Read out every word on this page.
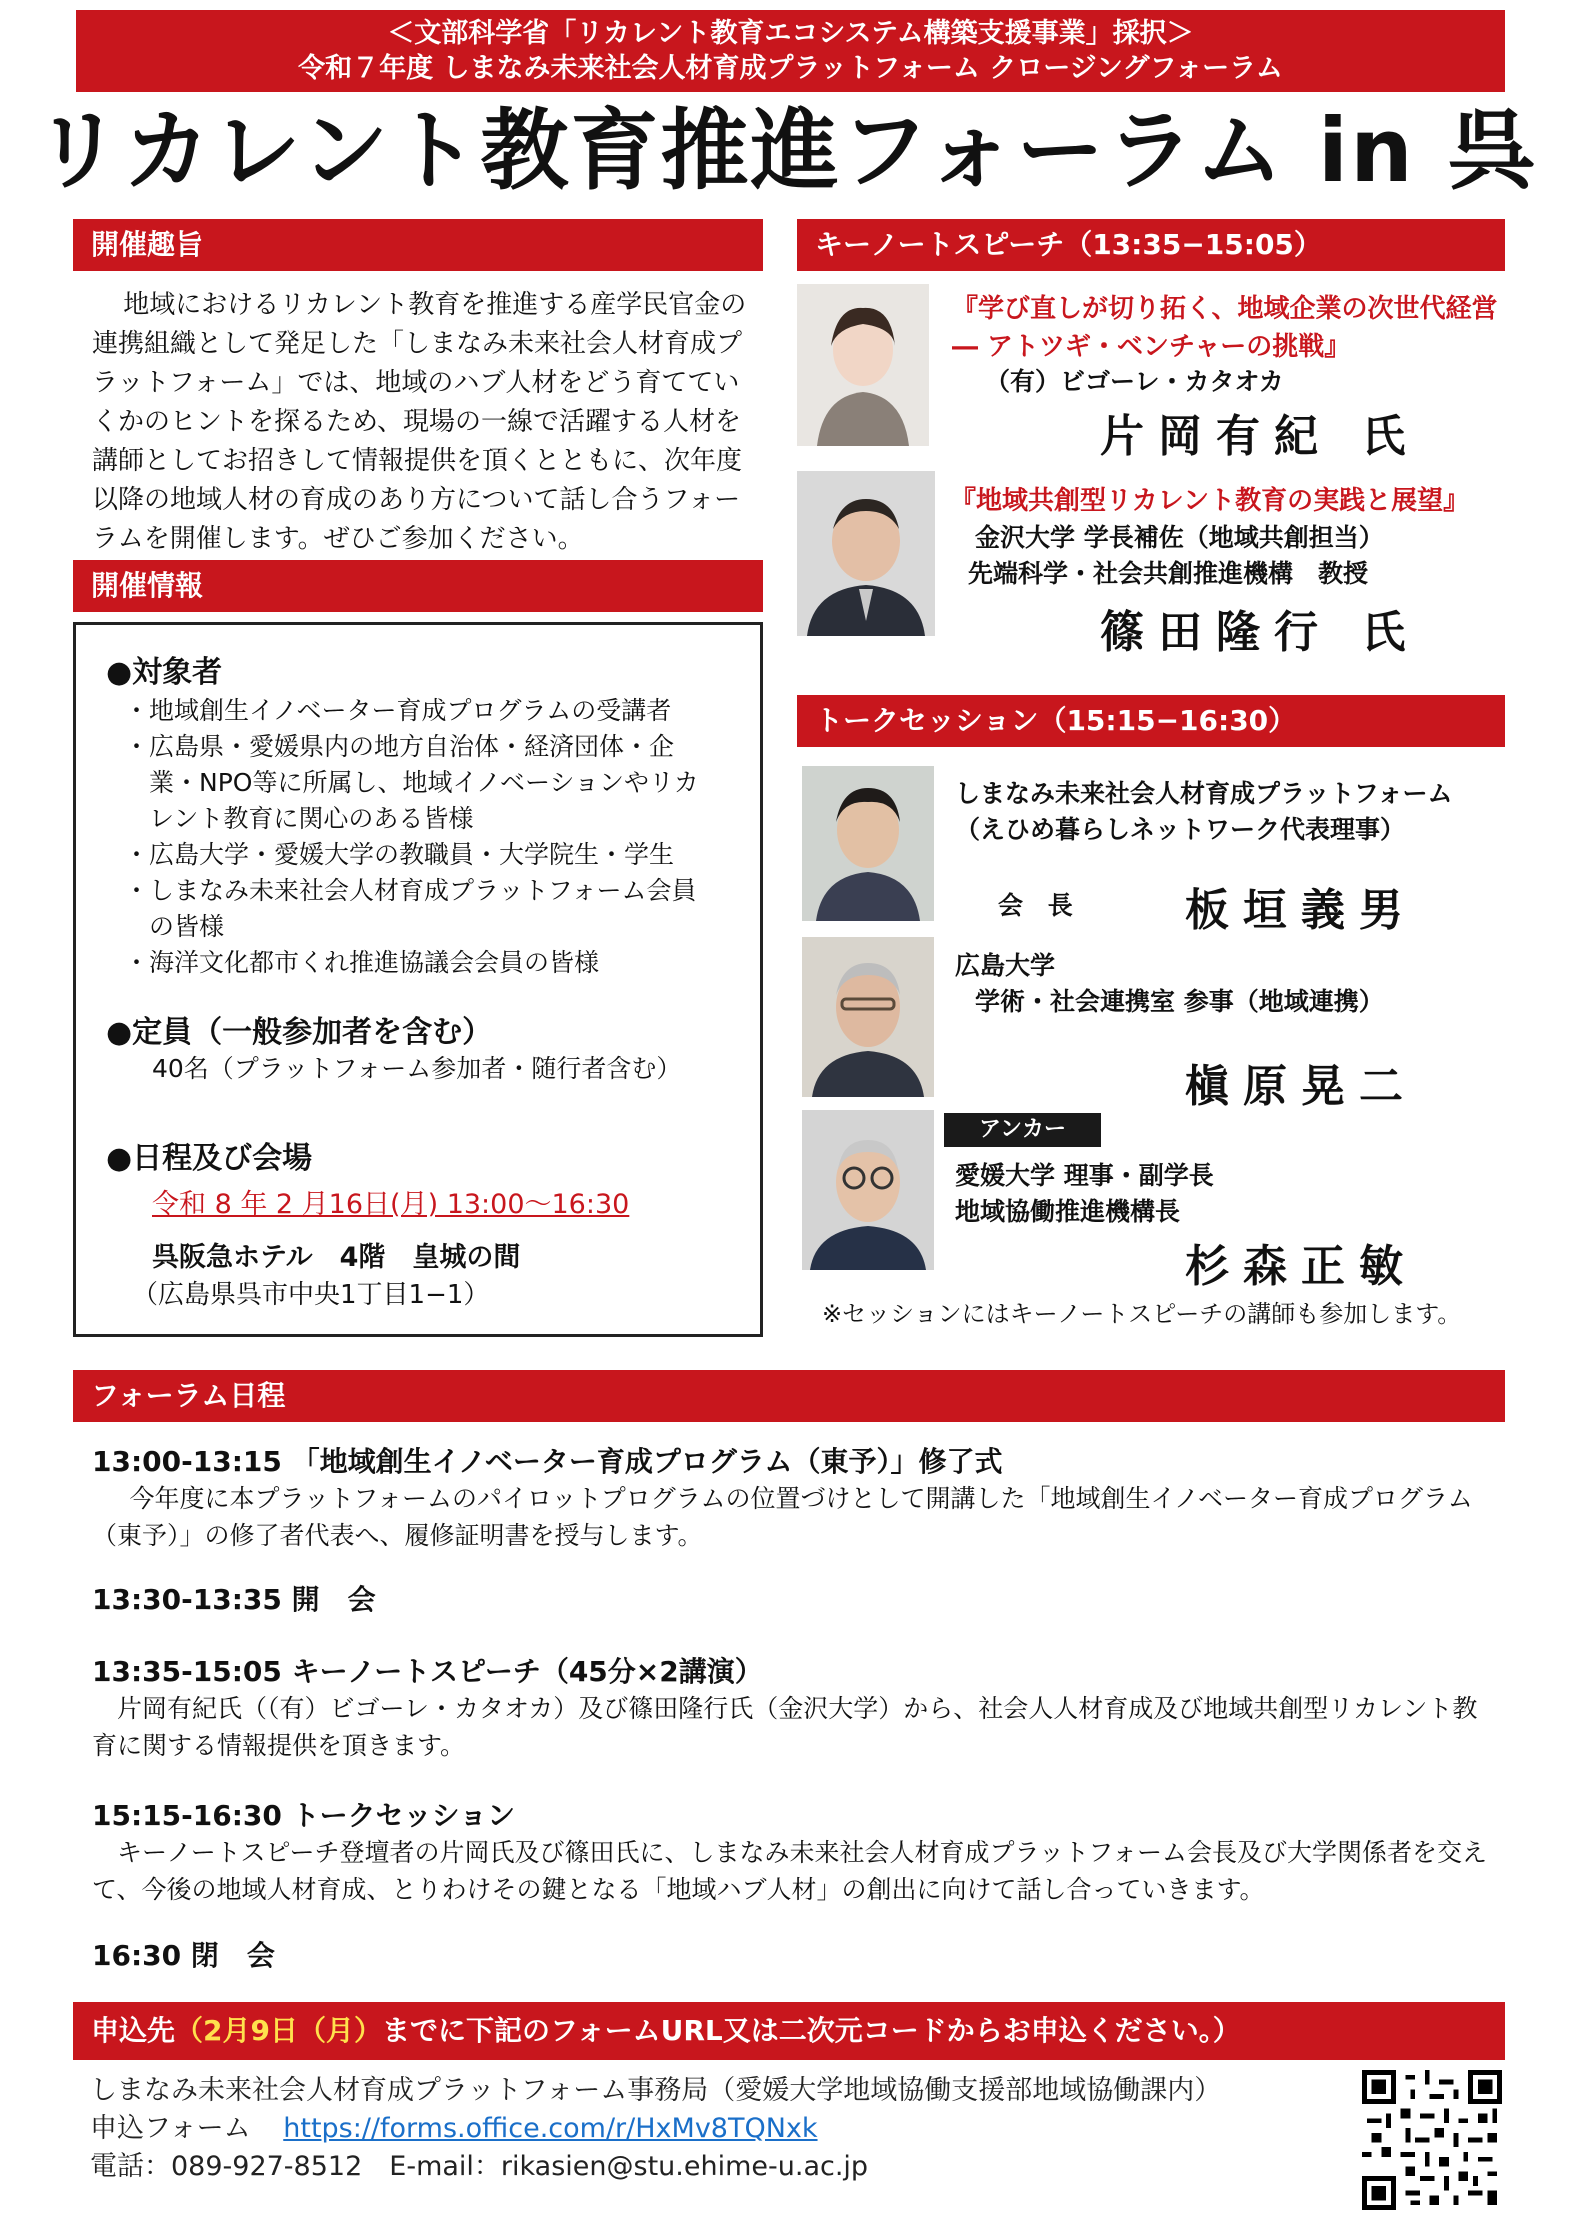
＜文部科学省「リカレント教育エコシステム構築支援事業」採択＞
令和７年度 しまなみ未来社会人材育成プラットフォーム クロージングフォーラム
リカレント教育推進フォーラム in 呉
開催趣旨
地域におけるリカレント教育を推進する産学民官金の連携組織として発足した「しまなみ未来社会人材育成プラットフォーム」では、地域のハブ人材をどう育てていくかのヒントを探るため、現場の一線で活躍する人材を講師としてお招きして情報提供を頂くとともに、次年度以降の地域人材の育成のあり方について話し合うフォーラムを開催します。ぜひご参加ください。
開催情報
●対象者
・地域創生イノベーター育成プログラムの受講者
・広島県・愛媛県内の地方自治体・経済団体・企業・NPO等に所属し、地域イノベーションやリカレント教育に関心のある皆様
・広島大学・愛媛大学の教職員・大学院生・学生
・しまなみ未来社会人材育成プラットフォーム会員の皆様
・海洋文化都市くれ推進協議会会員の皆様
●定員（一般参加者を含む）
40名（プラットフォーム参加者・随行者含む）
●日程及び会場
令和 8 年 2 月16日(月) 13:00～16:30
呉阪急ホテル　4階　皇城の間
（広島県呉市中央1丁目1−1）
キーノートスピーチ（13:35−15:05）
『学び直しが切り拓く、地域企業の次世代経営 ― アトツギ・ベンチャーの挑戦』
（有）ビゴーレ・カタオカ
片岡有紀 氏
『地域共創型リカレント教育の実践と展望』
金沢大学 学長補佐（地域共創担当）
先端科学・社会共創推進機構　教授
篠田隆行 氏
トークセッション（15:15−16:30）
しまなみ未来社会人材育成プラットフォーム
（えひめ暮らしネットワーク代表理事）
会 長 板垣義男
広島大学
学術・社会連携室 参事（地域連携）
槇原晃二
アンカー
愛媛大学 理事・副学長
地域協働推進機構長
杉森正敏
※セッションにはキーノートスピーチの講師も参加します。
フォーラム日程
13:00-13:15 「地域創生イノベーター育成プログラム（東予）」修了式
今年度に本プラットフォームのパイロットプログラムの位置づけとして開講した「地域創生イノベーター育成プログラム（東予）」の修了者代表へ、履修証明書を授与します。
13:30-13:35 開　会
13:35-15:05 キーノートスピーチ（45分×2講演）
片岡有紀氏（（有）ビゴーレ・カタオカ）及び篠田隆行氏（金沢大学）から、社会人人材育成及び地域共創型リカレント教育に関する情報提供を頂きます。
15:15-16:30 トークセッション
キーノートスピーチ登壇者の片岡氏及び篠田氏に、しまなみ未来社会人材育成プラットフォーム会長及び大学関係者を交えて、今後の地域人材育成、とりわけその鍵となる「地域ハブ人材」の創出に向けて話し合っていきます。
16:30 閉　会
申込先（2月9日（月）までに下記のフォームURL又は二次元コードからお申込ください。）
しまなみ未来社会人材育成プラットフォーム事務局（愛媛大学地域協働支援部地域協働課内）
申込フォーム https://forms.office.com/r/HxMv8TQNxk
電話：089-927-8512　E-mail：rikasien@stu.ehime-u.ac.jp
